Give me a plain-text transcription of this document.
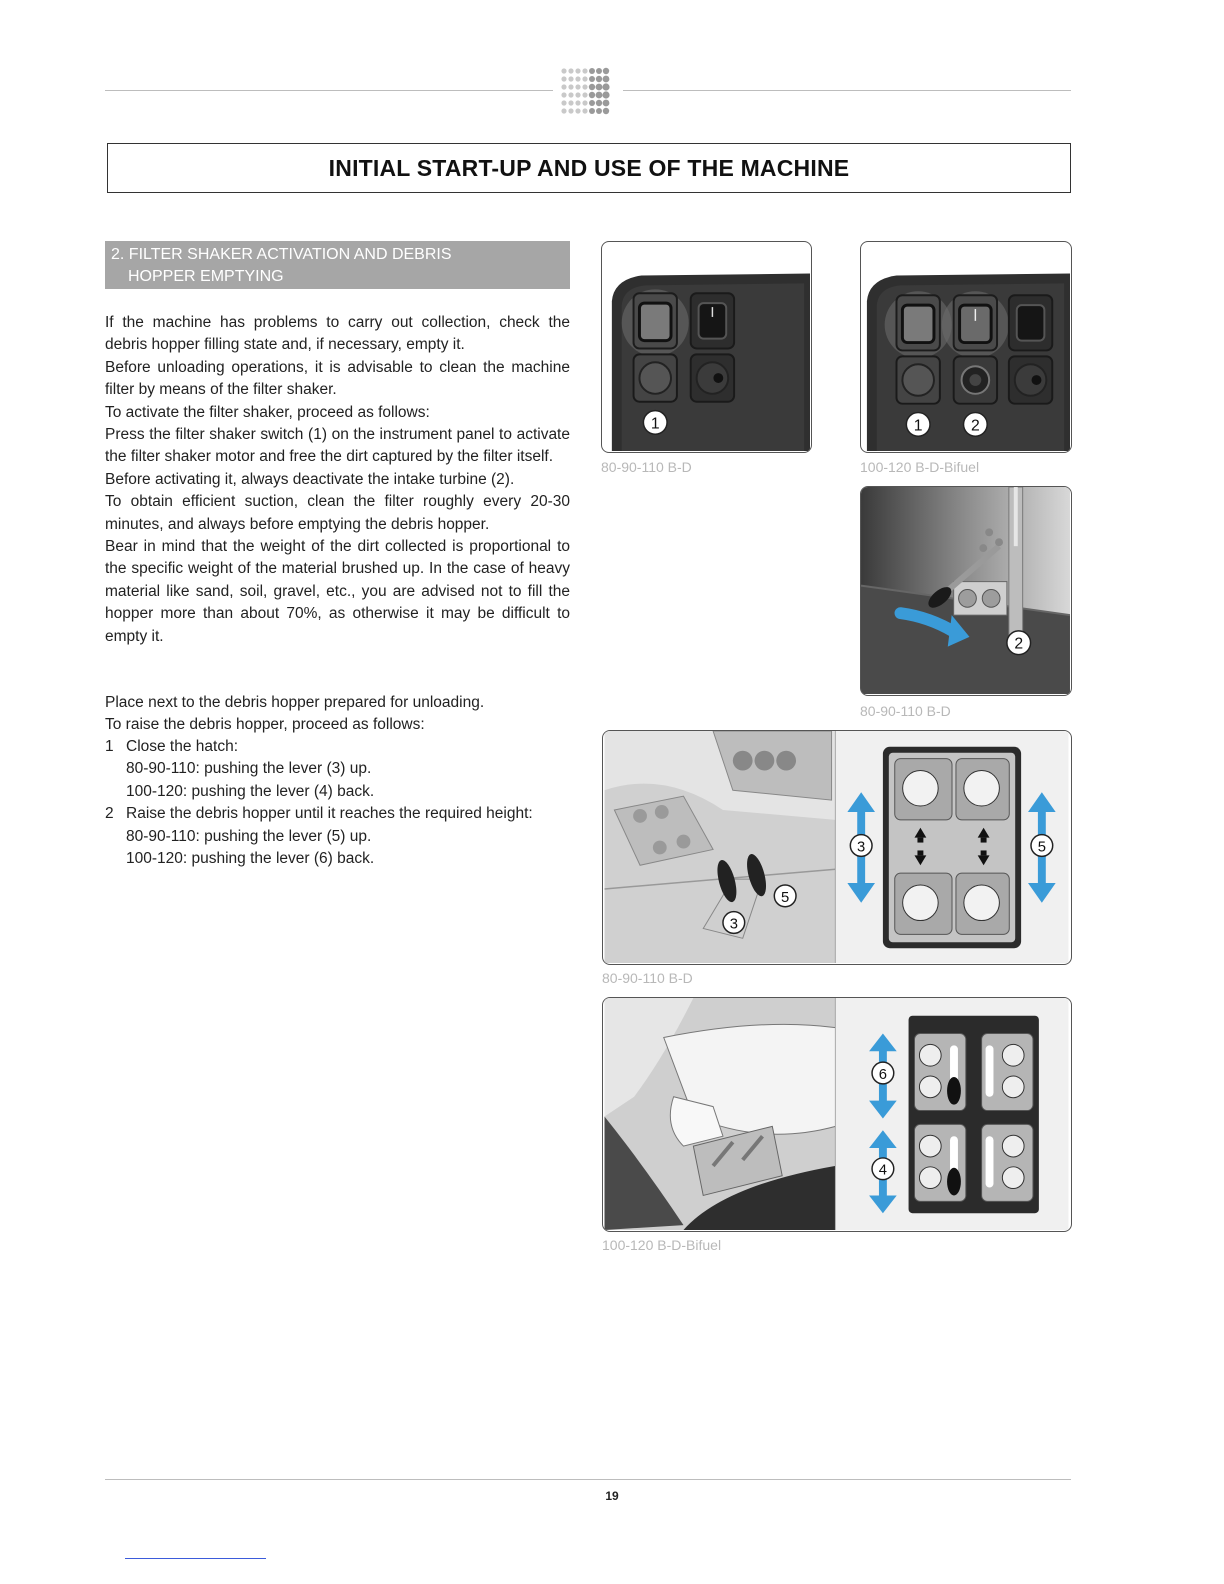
INITIAL START-UP AND USE OF THE MACHINE
2. FILTER SHAKER ACTIVATION AND DEBRIS
HOPPER EMPTYING

If the machine has problems to carry out collection, check the debris hopper filling state and, if necessary, empty it.

Before unloading operations, it is advisable to clean the machine filter by means of the filter shaker.

To activate the filter shaker, proceed as follows:

Press the filter shaker switch (1) on the instrument panel to activate the filter shaker motor and free the dirt captured by the filter itself.

Before activating it, always deactivate the intake turbine (2).

To obtain efficient suction, clean the filter roughly every 20-30 minutes, and always before emptying the debris hopper.

Bear in mind that the weight of the dirt collected is proportional to the specific weight of the material brushed up. In the case of heavy material like sand, soil, gravel, etc., you are advised not to fill the hopper more than about 70%, as otherwise it may be difficult to empty it.

Place next to the debris hopper prepared for unloading.

To raise the debris hopper, proceed as follows:

1 Close the hatch:
80-90-110: pushing the lever (3) up.
100-120: pushing the lever (4) back.
2 Raise the debris hopper until it reaches the required height:
80-90-110: pushing the lever (5) up.
100-120: pushing the lever (6) back.
1
80-90-110 B-D
1	2
100-120 B-D-Bifuel
2
80-90-110 B-D
3
5
3	5
80-90-110 B-D
6
4
100-120 B-D-Bifuel
19
